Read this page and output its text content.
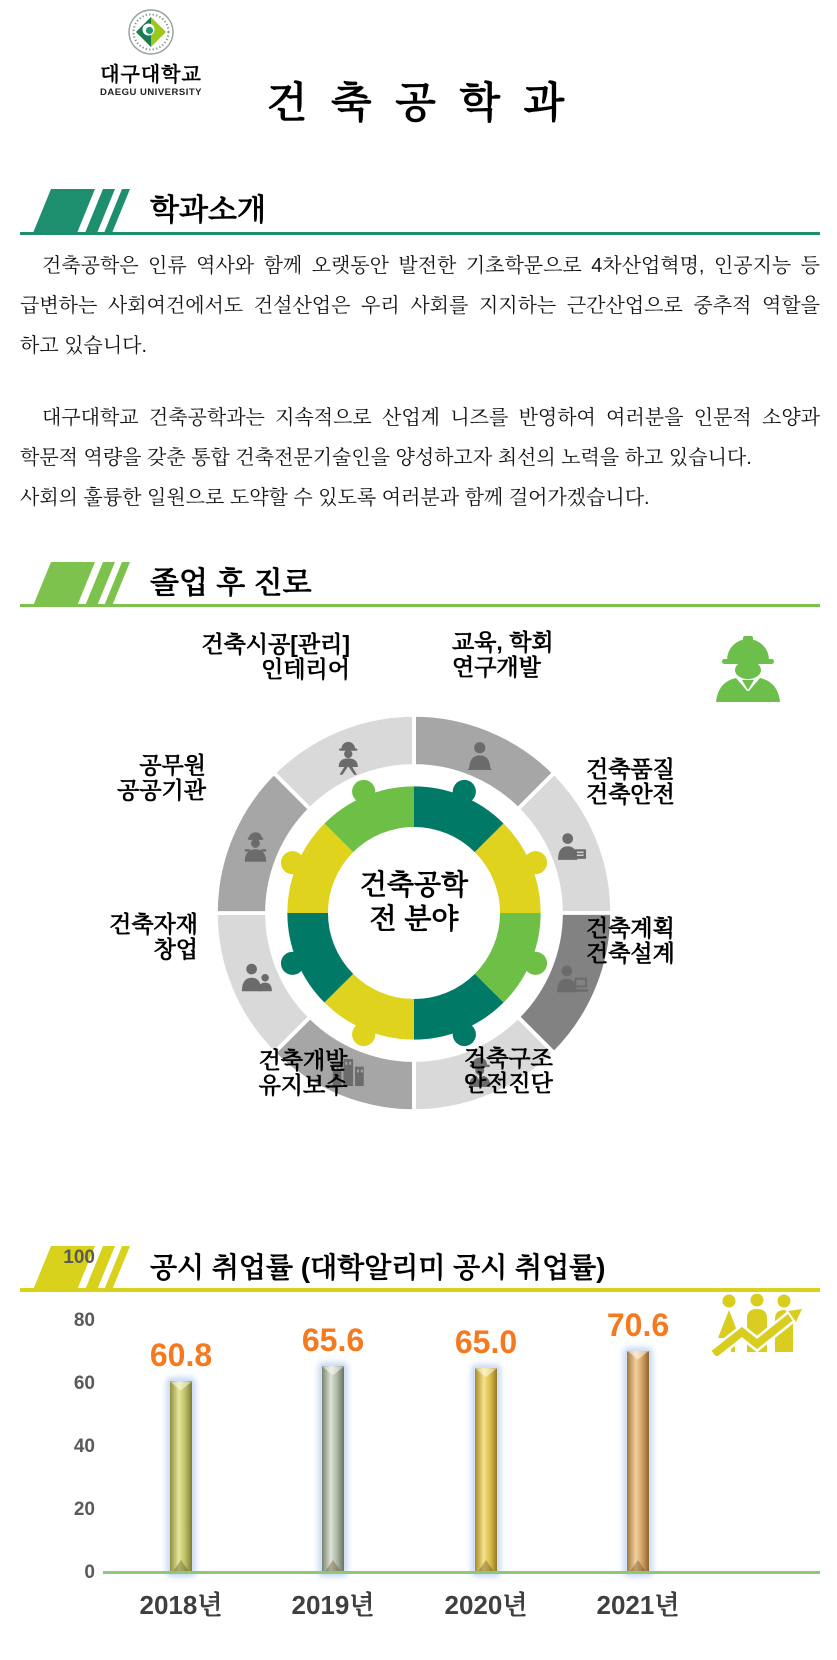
대구대학교
DAEGU UNIVERSITY	건 축 공 학 과
학과소개
건축공학은 인류 역사와 함께 오랫동안 발전한 기초학문으로 4차산업혁명, 인공지능 등 급변하는 사회여건에서도 건설산업은 우리 사회를 지지하는 근간산업으로 중추적 역할을 하고 있습니다.
대구대학교 건축공학과는 지속적으로 산업계 니즈를 반영하여 여러분을 인문적 소양과 학문적 역량을 갖춘 통합 건축전문기술인을 양성하고자 최선의 노력을 하고 있습니다.
사회의 훌륭한 일원으로 도약할 수 있도록 여러분과 함께 걸어가겠습니다.
졸업 후 진로
건축공학
전 분야
건축시공[관리]
인테리어
교육, 학회
연구개발
건축품질
건축안전
건축계획
건축설계
건축구조
안전진단
건축개발
유지보수
건축자재
창업
공무원
공공기관
공시 취업률 (대학알리미 공시 취업률)
100
80
60
40
20
0
60.8	65.6	65.0	70.6
2018년	2019년	2020년	2021년
